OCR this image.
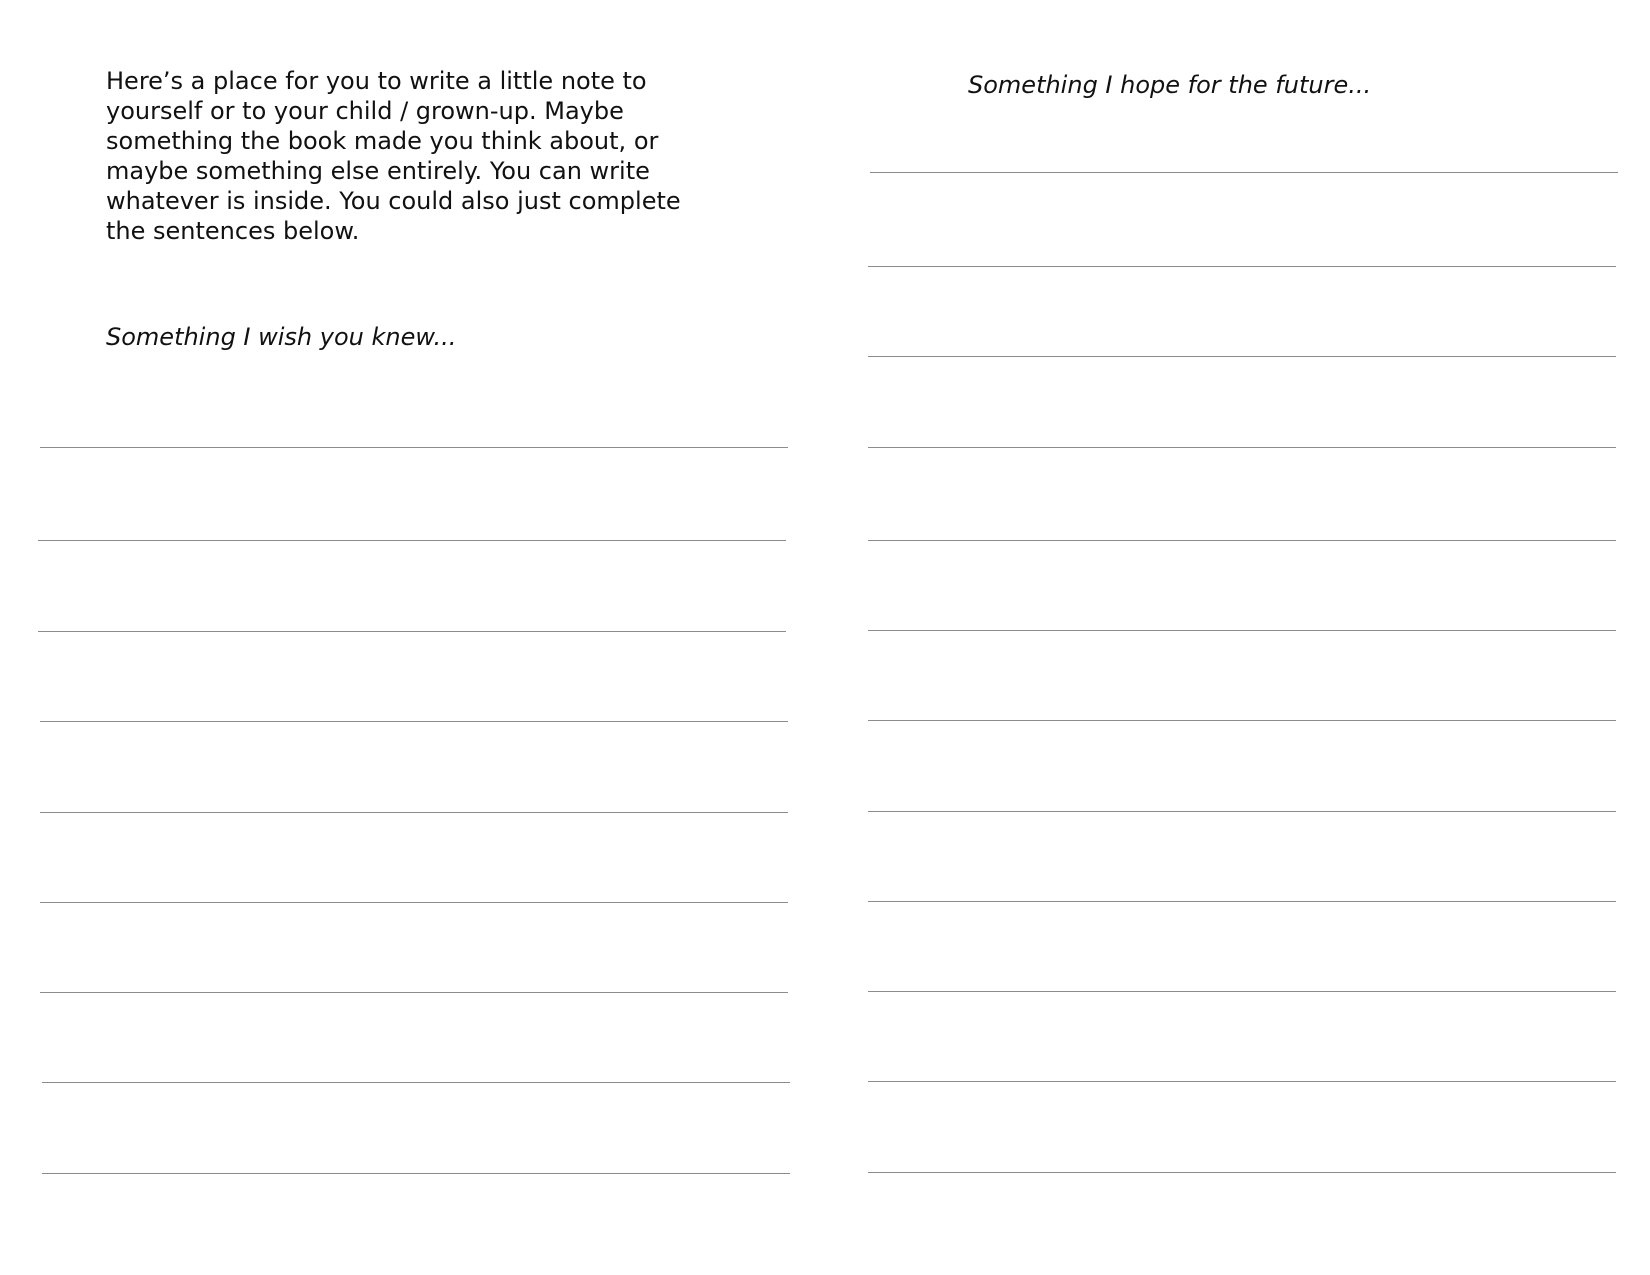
Here’s a place for you to write a little note to yourself or to your child / grown-up. Maybe something the book made you think about, or maybe something else entirely. You can write whatever is inside. You could also just complete the sentences below.

Something I wish you knew...

Something I hope for the future...
